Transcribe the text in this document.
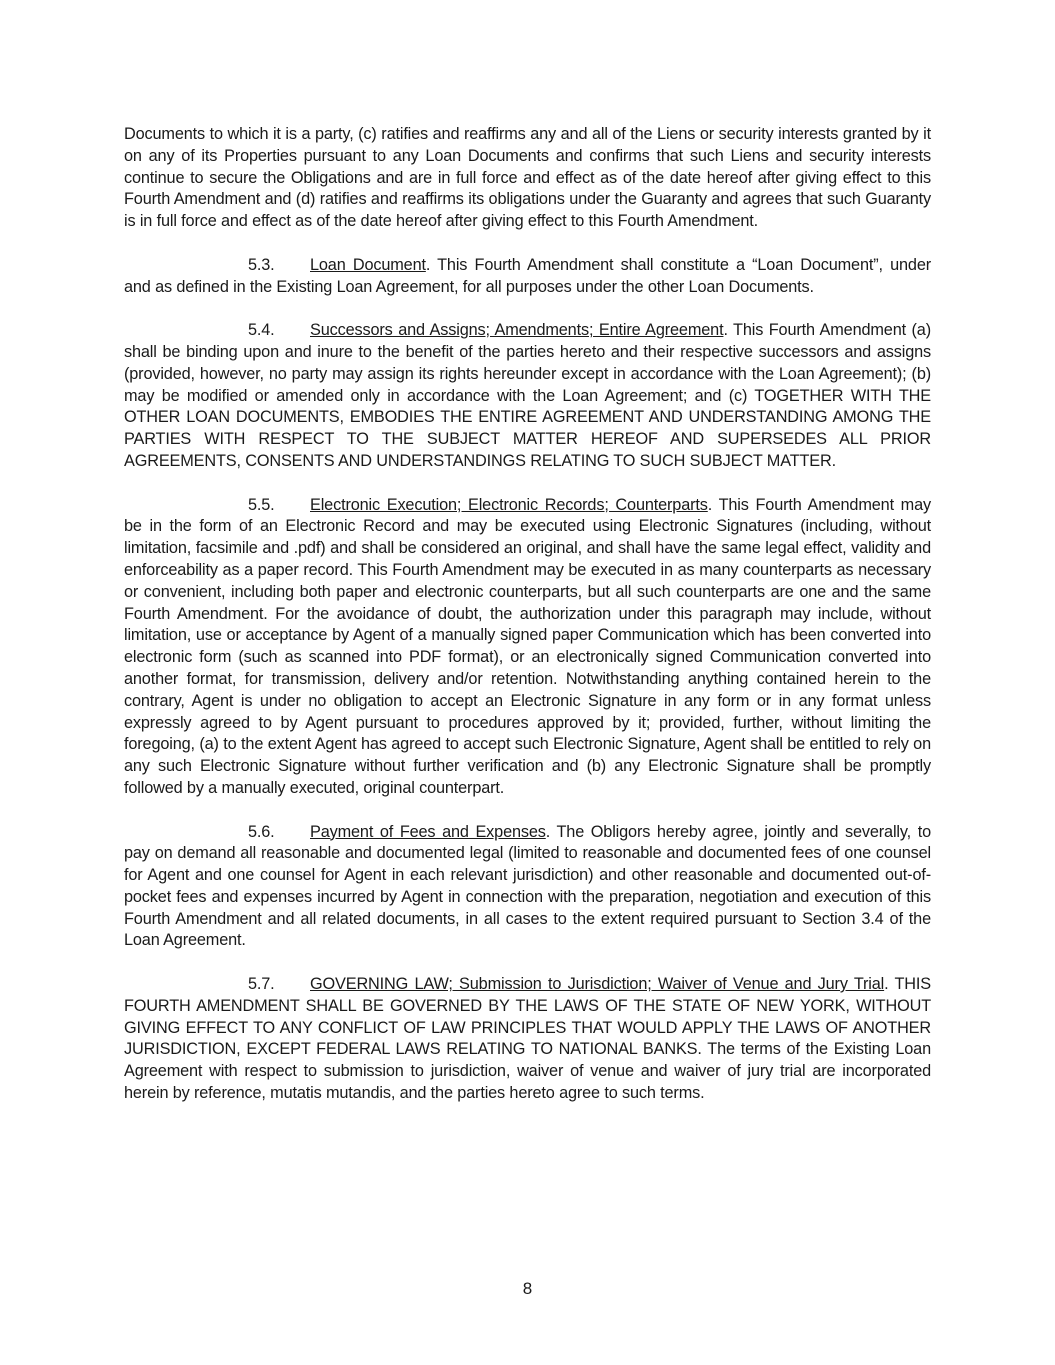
Documents to which it is a party, (c) ratifies and reaffirms any and all of the Liens or security interests granted by it on any of its Properties pursuant to any Loan Documents and confirms that such Liens and security interests continue to secure the Obligations and are in full force and effect as of the date hereof after giving effect to this Fourth Amendment and (d) ratifies and reaffirms its obligations under the Guaranty and agrees that such Guaranty is in full force and effect as of the date hereof after giving effect to this Fourth Amendment.

5.3. Loan Document. This Fourth Amendment shall constitute a “Loan Document”, under and as defined in the Existing Loan Agreement, for all purposes under the other Loan Documents.

5.4. Successors and Assigns; Amendments; Entire Agreement. This Fourth Amendment (a) shall be binding upon and inure to the benefit of the parties hereto and their respective successors and assigns (provided, however, no party may assign its rights hereunder except in accordance with the Loan Agreement); (b) may be modified or amended only in accordance with the Loan Agreement; and (c) TOGETHER WITH THE OTHER LOAN DOCUMENTS, EMBODIES THE ENTIRE AGREEMENT AND UNDERSTANDING AMONG THE PARTIES WITH RESPECT TO THE SUBJECT MATTER HEREOF AND SUPERSEDES ALL PRIOR AGREEMENTS, CONSENTS AND UNDERSTANDINGS RELATING TO SUCH SUBJECT MATTER.

5.5. Electronic Execution; Electronic Records; Counterparts. This Fourth Amendment may be in the form of an Electronic Record and may be executed using Electronic Signatures (including, without limitation, facsimile and .pdf) and shall be considered an original, and shall have the same legal effect, validity and enforceability as a paper record. This Fourth Amendment may be executed in as many counterparts as necessary or convenient, including both paper and electronic counterparts, but all such counterparts are one and the same Fourth Amendment. For the avoidance of doubt, the authorization under this paragraph may include, without limitation, use or acceptance by Agent of a manually signed paper Communication which has been converted into electronic form (such as scanned into PDF format), or an electronically signed Communication converted into another format, for transmission, delivery and/or retention. Notwithstanding anything contained herein to the contrary, Agent is under no obligation to accept an Electronic Signature in any form or in any format unless expressly agreed to by Agent pursuant to procedures approved by it; provided, further, without limiting the foregoing, (a) to the extent Agent has agreed to accept such Electronic Signature, Agent shall be entitled to rely on any such Electronic Signature without further verification and (b) any Electronic Signature shall be promptly followed by a manually executed, original counterpart.

5.6. Payment of Fees and Expenses. The Obligors hereby agree, jointly and severally, to pay on demand all reasonable and documented legal (limited to reasonable and documented fees of one counsel for Agent and one counsel for Agent in each relevant jurisdiction) and other reasonable and documented out-of-pocket fees and expenses incurred by Agent in connection with the preparation, negotiation and execution of this Fourth Amendment and all related documents, in all cases to the extent required pursuant to Section 3.4 of the Loan Agreement.

5.7. GOVERNING LAW; Submission to Jurisdiction; Waiver of Venue and Jury Trial. THIS FOURTH AMENDMENT SHALL BE GOVERNED BY THE LAWS OF THE STATE OF NEW YORK, WITHOUT GIVING EFFECT TO ANY CONFLICT OF LAW PRINCIPLES THAT WOULD APPLY THE LAWS OF ANOTHER JURISDICTION, EXCEPT FEDERAL LAWS RELATING TO NATIONAL BANKS. The terms of the Existing Loan Agreement with respect to submission to jurisdiction, waiver of venue and waiver of jury trial are incorporated herein by reference, mutatis mutandis, and the parties hereto agree to such terms.

8
